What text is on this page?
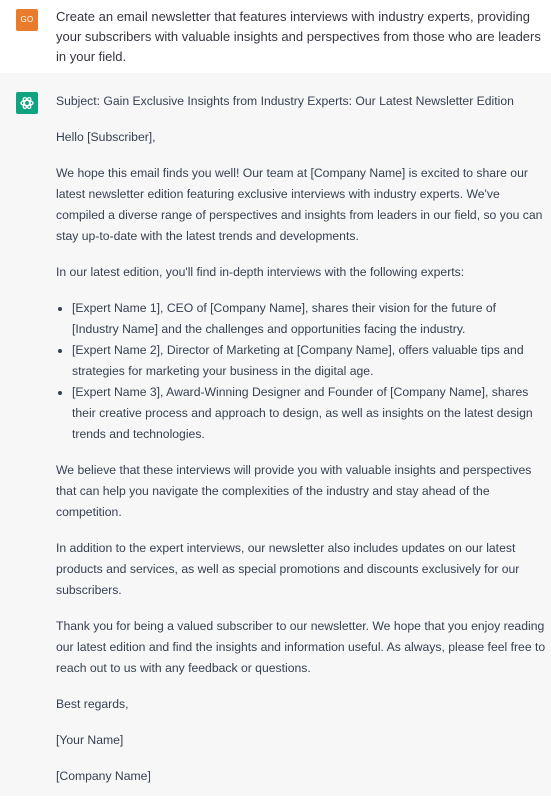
GO	Create an email newsletter that features interviews with industry experts, providing your subscribers with valuable insights and perspectives from those who are leaders in your field.

Subject: Gain Exclusive Insights from Industry Experts: Our Latest Newsletter Edition

Hello [Subscriber],

We hope this email finds you well! Our team at [Company Name] is excited to share our latest newsletter edition featuring exclusive interviews with industry experts. We've compiled a diverse range of perspectives and insights from leaders in our field, so you can stay up-to-date with the latest trends and developments.

In our latest edition, you'll find in-depth interviews with the following experts:

• [Expert Name 1], CEO of [Company Name], shares their vision for the future of [Industry Name] and the challenges and opportunities facing the industry.
• [Expert Name 2], Director of Marketing at [Company Name], offers valuable tips and strategies for marketing your business in the digital age.
• [Expert Name 3], Award-Winning Designer and Founder of [Company Name], shares their creative process and approach to design, as well as insights on the latest design trends and technologies.

We believe that these interviews will provide you with valuable insights and perspectives that can help you navigate the complexities of the industry and stay ahead of the competition.

In addition to the expert interviews, our newsletter also includes updates on our latest products and services, as well as special promotions and discounts exclusively for our subscribers.

Thank you for being a valued subscriber to our newsletter. We hope that you enjoy reading our latest edition and find the insights and information useful. As always, please feel free to reach out to us with any feedback or questions.

Best regards,

[Your Name]

[Company Name]
